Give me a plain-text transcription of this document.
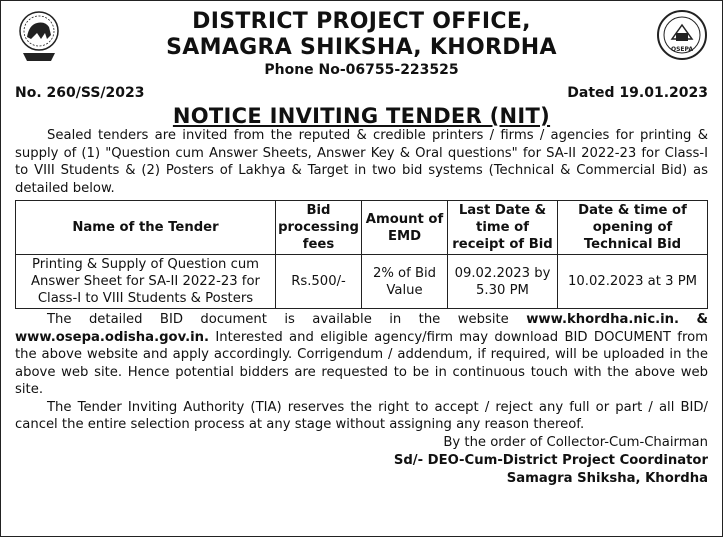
DISTRICT PROJECT OFFICE,
SAMAGRA SHIKSHA, KHORDHA
Phone No-06755-223525
OSEPA
No. 260/SS/2023	Dated 19.01.2023
NOTICE INVITING TENDER (NIT)

Sealed tenders are invited from the reputed & credible printers / firms / agencies for printing & supply of (1) "Question cum Answer Sheets, Answer Key & Oral questions" for SA-II 2022-23 for Class-I to VIII Students & (2) Posters of Lakhya & Target in two bid systems (Technical & Commercial Bid) as detailed below.

Name of the Tender	Bid processing fees	Amount of EMD	Last Date & time of receipt of Bid	Date & time of opening of Technical Bid
Printing & Supply of Question cum Answer Sheet for SA-II 2022-23 for Class-I to VIII Students & Posters	Rs.500/-	2% of Bid Value	09.02.2023 by 5.30 PM	10.02.2023 at 3 PM

The detailed BID document is available in the website www.khordha.nic.in. & www.osepa.odisha.gov.in. Interested and eligible agency/firm may download BID DOCUMENT from the above website and apply accordingly. Corrigendum / addendum, if required, will be uploaded in the above web site. Hence potential bidders are requested to be in continuous touch with the above web site.

The Tender Inviting Authority (TIA) reserves the right to accept / reject any full or part / all BID/ cancel the entire selection process at any stage without assigning any reason thereof.

By the order of Collector-Cum-Chairman
Sd/- DEO-Cum-District Project Coordinator
Samagra Shiksha, Khordha
